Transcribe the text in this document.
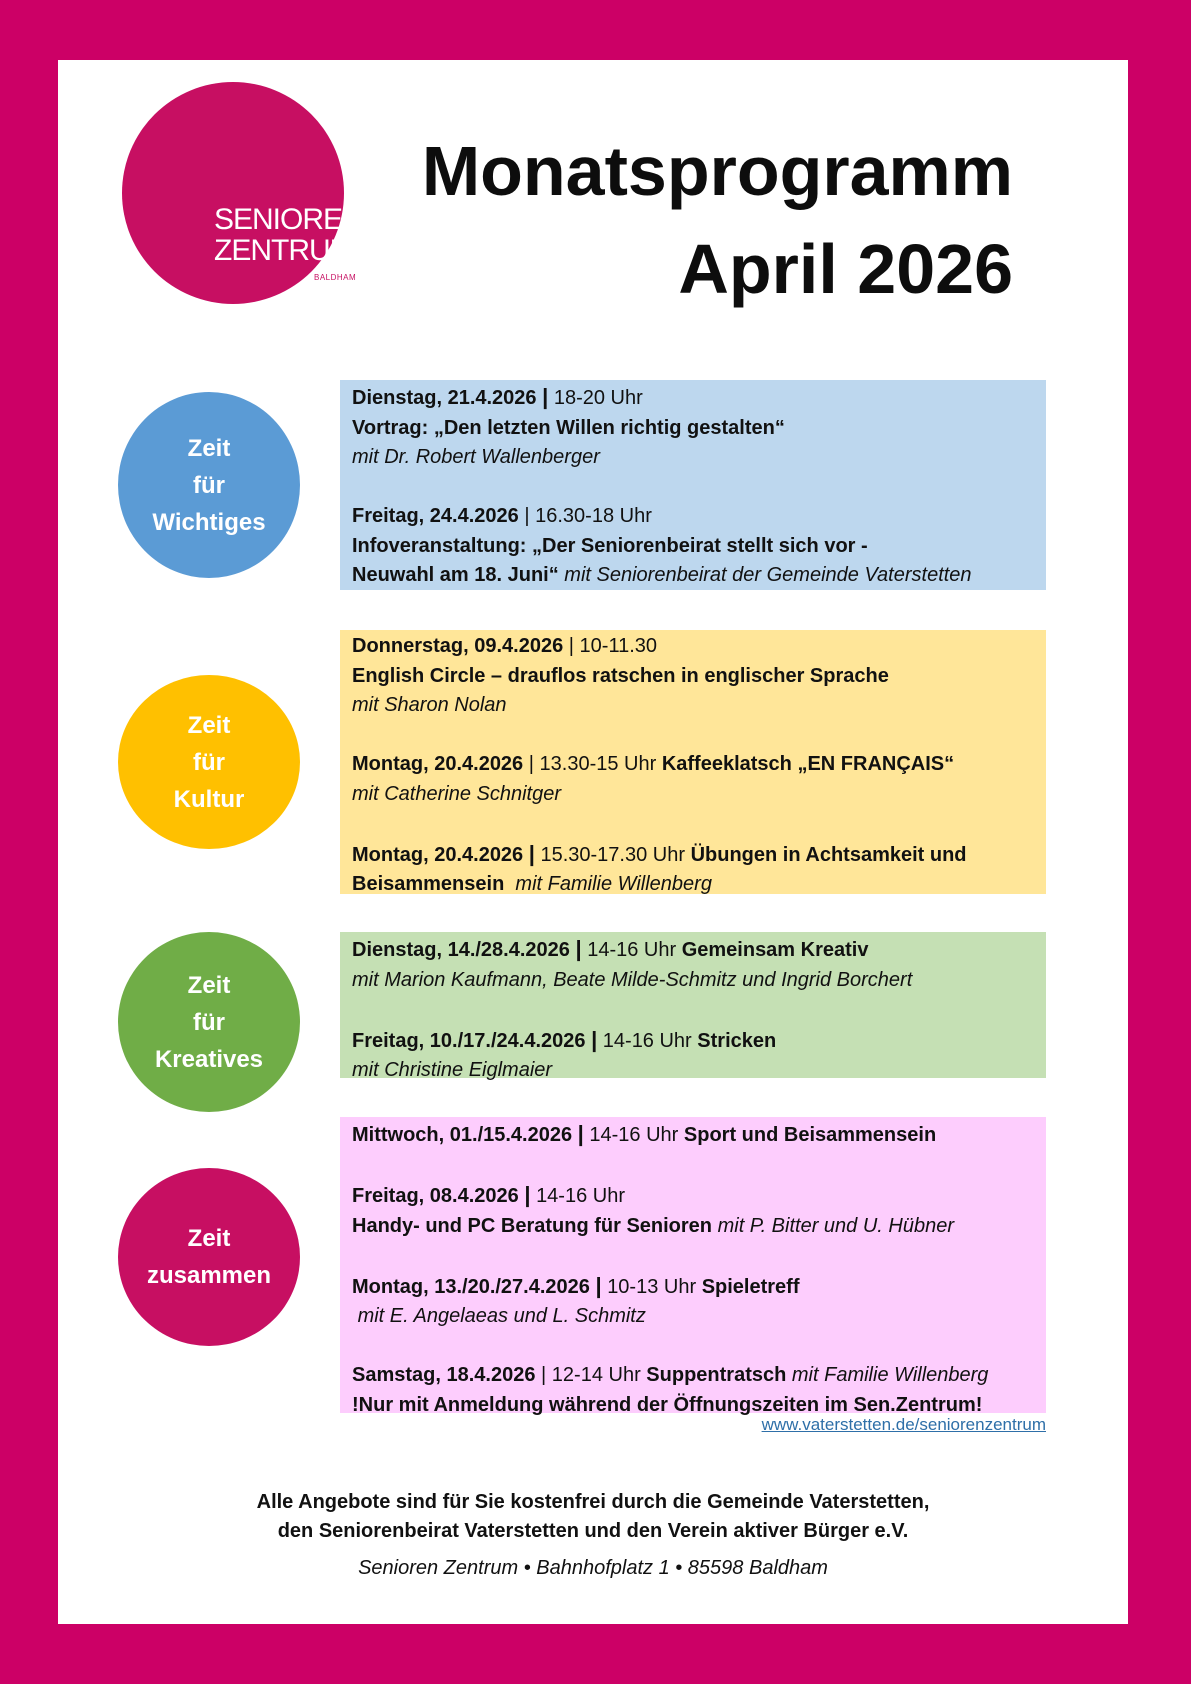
SENIOREN
ZENTRUM
BALDHAM
Monatsprogramm
April 2026
Zeit
für
Wichtiges

Dienstag, 21.4.2026 | 18-20 Uhr

Vortrag: „Den letzten Willen richtig gestalten“

mit Dr. Robert Wallenberger

Freitag, 24.4.2026 | 16.30-18 Uhr

Infoveranstaltung: „Der Seniorenbeirat stellt sich vor -

Neuwahl am 18. Juni“ mit Seniorenbeirat der Gemeinde Vaterstetten

Zeit
für
Kultur

Donnerstag, 09.4.2026 | 10-11.30

English Circle – drauflos ratschen in englischer Sprache

mit Sharon Nolan

Montag, 20.4.2026 | 13.30-15 Uhr Kaffeeklatsch „EN FRANÇAIS“

mit Catherine Schnitger

Montag, 20.4.2026 | 15.30-17.30 Uhr Übungen in Achtsamkeit und

Beisammensein mit Familie Willenberg

Zeit
für
Kreatives

Dienstag, 14./28.4.2026 | 14-16 Uhr Gemeinsam Kreativ

mit Marion Kaufmann, Beate Milde-Schmitz und Ingrid Borchert

Freitag, 10./17./24.4.2026 | 14-16 Uhr Stricken

mit Christine Eiglmaier

Zeit
zusammen

Mittwoch, 01./15.4.2026 | 14-16 Uhr Sport und Beisammensein

Freitag, 08.4.2026 | 14-16 Uhr

Handy- und PC Beratung für Senioren mit P. Bitter und U. Hübner

Montag, 13./20./27.4.2026 | 10-13 Uhr Spieletreff

mit E. Angelaeas und L. Schmitz

Samstag, 18.4.2026 | 12-14 Uhr Suppentratsch mit Familie Willenberg

!Nur mit Anmeldung während der Öffnungszeiten im Sen.Zentrum!

www.vaterstetten.de/seniorenzentrum
Alle Angebote sind für Sie kostenfrei durch die Gemeinde Vaterstetten,
den Seniorenbeirat Vaterstetten und den Verein aktiver Bürger e.V.
Senioren Zentrum • Bahnhofplatz 1 • 85598 Baldham
